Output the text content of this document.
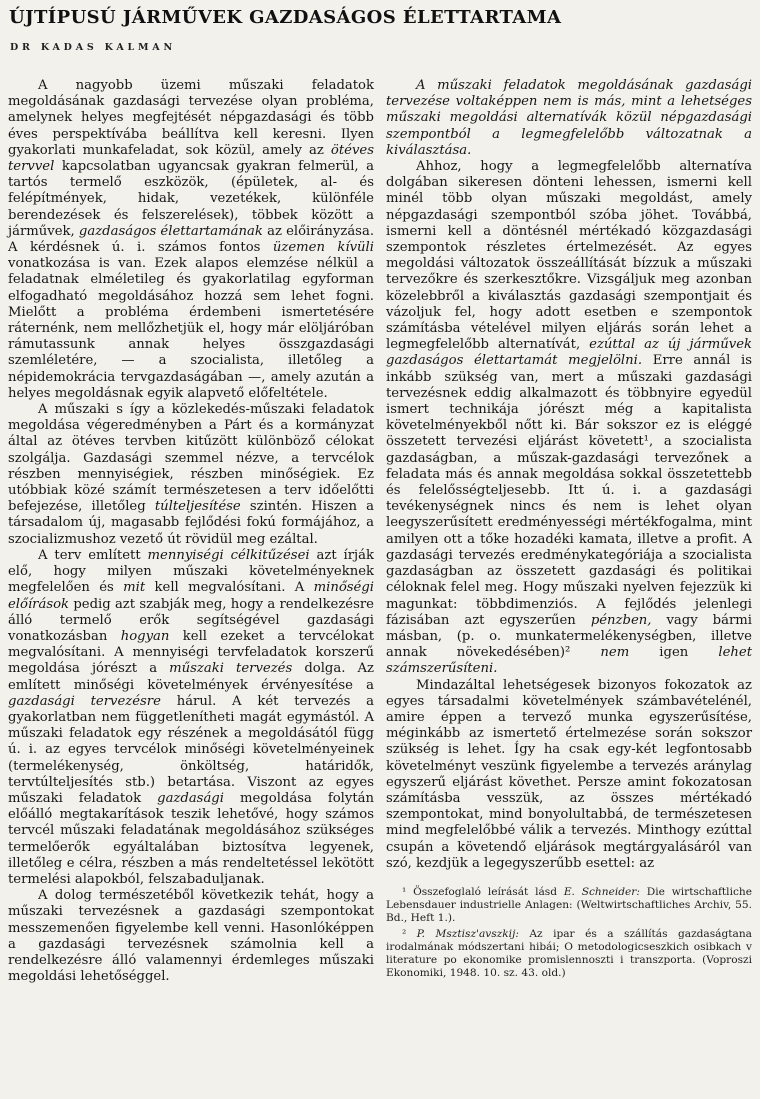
ÚJTÍPUSÚ JÁRMŰVEK GAZDASÁGOS ÉLETTARTAMA
DR KADAS KALMAN

A nagyobb üzemi műszaki feladatok megoldásának gazdasági tervezése olyan probléma, amelynek helyes megfejtését népgazdasági és több éves perspektívába beállítva kell keresni. Ilyen gyakorlati munkafeladat, sok közül, amely az ötéves tervvel kapcsolatban ugyancsak gyakran felmerül, a tartós termelő eszközök, (épületek, al- és felépítmények, hidak, vezetékek, különféle berendezések és felszerelések), többek között a járművek, gazdaságos élettartamának az előirányzása. A kérdésnek ú. i. számos fontos üzemen kívüli vonatkozása is van. Ezek alapos elemzése nélkül a feladatnak elméletileg és gyakorlatilag egyforman elfogadható megoldásához hozzá sem lehet fogni. Mielőtt a probléma érdembeni ismertetésére ráternénk, nem mellőzhetjük el, hogy már elöljáróban rámutassunk annak helyes összgazdasági szemléletére, — a szocialista, illetőleg a népidemokrácia tervgazdaságában —, amely azután a helyes megoldásnak egyik alapvető előfeltétele.

A műszaki s így a közlekedés-műszaki feladatok megoldása végeredményben a Párt és a kormányzat által az ötéves tervben kitűzött különböző célokat szolgálja. Gazdasági szemmel nézve, a tervcélok részben mennyiségiek, részben minőségiek. Ez utóbbiak közé számít természetesen a terv időelőtti befejezése, illetőleg túlteljesítése szintén. Hiszen a társadalom új, magasabb fejlődési fokú formájához, a szocializmushoz vezető út rövidül meg ezáltal.

A terv említett mennyiségi célkitűzései azt írják elő, hogy milyen műszaki követelményeknek megfelelően és mit kell megvalósítani. A minőségi előírások pedig azt szabják meg, hogy a rendelkezésre álló termelő erők segítségével gazdasági vonatkozásban hogyan kell ezeket a tervcélokat megvalósítani. A mennyiségi tervfeladatok korszerű megoldása jórészt a műszaki tervezés dolga. Az említett minőségi követelmények érvényesítése a gazdasági tervezésre hárul. A két tervezés a gyakorlatban nem függetlenítheti magát egymástól. A műszaki feladatok egy részének a megoldásától függ ú. i. az egyes tervcélok minőségi követelményeinek (termelékenység, önköltség, határidők, tervtúlteljesítés stb.) betartása. Viszont az egyes műszaki feladatok gazdasági megoldása folytán előálló megtakarítások teszik lehetővé, hogy számos tervcél műszaki feladatának megoldásához szükséges termelőerők egyáltalában biztosítva legyenek, illetőleg e célra, részben a más rendeltetéssel lekötött termelési alapokból, felszabaduljanak.

A dolog természetéből következik tehát, hogy a műszaki tervezésnek a gazdasági szempontokat messzemenően figyelembe kell venni. Hasonlóképpen a gazdasági tervezésnek számolnia kell a rendelkezésre álló valamennyi érdemleges műszaki megoldási lehetőséggel.

A műszaki feladatok megoldásának gazdasági tervezése voltaképpen nem is más, mint a lehetséges műszaki megoldási alternatívák közül népgazdasági szempontból a legmegfelelőbb változatnak a kiválasztása.

Ahhoz, hogy a legmegfelelőbb alternatíva dolgában sikeresen dönteni lehessen, ismerni kell minél több olyan műszaki megoldást, amely népgazdasági szempontból szóba jöhet. Továbbá, ismerni kell a döntésnél mértékadó közgazdasági szempontok részletes értelmezését. Az egyes megoldási változatok összeállítását bízzuk a műszaki tervezőkre és szerkesztőkre. Vizsgáljuk meg azonban közelebbről a kiválasztás gazdasági szempontjait és vázoljuk fel, hogy adott esetben e szempontok számításba vételével milyen eljárás során lehet a legmegfelelőbb alternatívát, ezúttal az új járművek gazdaságos élettartamát megjelölni. Erre annál is inkább szükség van, mert a műszaki gazdasági tervezésnek eddig alkalmazott és többnyire egyedül ismert technikája jórészt még a kapitalista követelményekből nőtt ki. Bár sokszor ez is eléggé összetett tervezési eljárást követett¹, a szocialista gazdaságban, a műszak-gazdasági tervezőnek a feladata más és annak megoldása sokkal összetettebb és felelősségteljesebb. Itt ú. i. a gazdasági tevékenységnek nincs és nem is lehet olyan leegyszerűsített eredményességi mértékfogalma, mint amilyen ott a tőke hozadéki kamata, illetve a profit. A gazdasági tervezés eredménykategóriája a szocialista gazdaságban az összetett gazdasági és politikai céloknak felel meg. Hogy műszaki nyelven fejezzük ki magunkat: többdimenziós. A fejlődés jelenlegi fázisában azt egyszerűen pénzben, vagy bármi másban, (p. o. munkatermelékenységben, illetve annak növekedésében)² nem igen lehet számszerűsíteni.

Mindazáltal lehetségesek bizonyos fokozatok az egyes társadalmi követelmények számbavételénél, amire éppen a tervező munka egyszerűsítése, méginkább az ismertető értelmezése során sokszor szükség is lehet. Így ha csak egy-két legfontosabb követelményt veszünk figyelembe a tervezés aránylag egyszerű eljárást követhet. Persze amint fokozatosan számításba vesszük, az összes mértékadó szempontokat, mind bonyolultabbá, de természetesen mind megfelelőbbé válik a tervezés. Minthogy ezúttal csupán a követendő eljárások megtárgyalásáról van szó, kezdjük a legegyszerűbb esettel: az

¹ Összefoglaló leírását lásd E. Schneider: Die wirtschaftliche Lebensdauer industrielle Anlagen: (Weltwirtschaftliches Archiv, 55. Bd., Heft 1.).

² P. Msztisz'avszkij: Az ipar és a szállítás gazdaságtana irodalmának módszertani hibái; O metodologicseszkich osibkach v literature po ekonomike promislennoszti i transzporta. (Voproszi Ekonomiki, 1948. 10. sz. 43. old.)
